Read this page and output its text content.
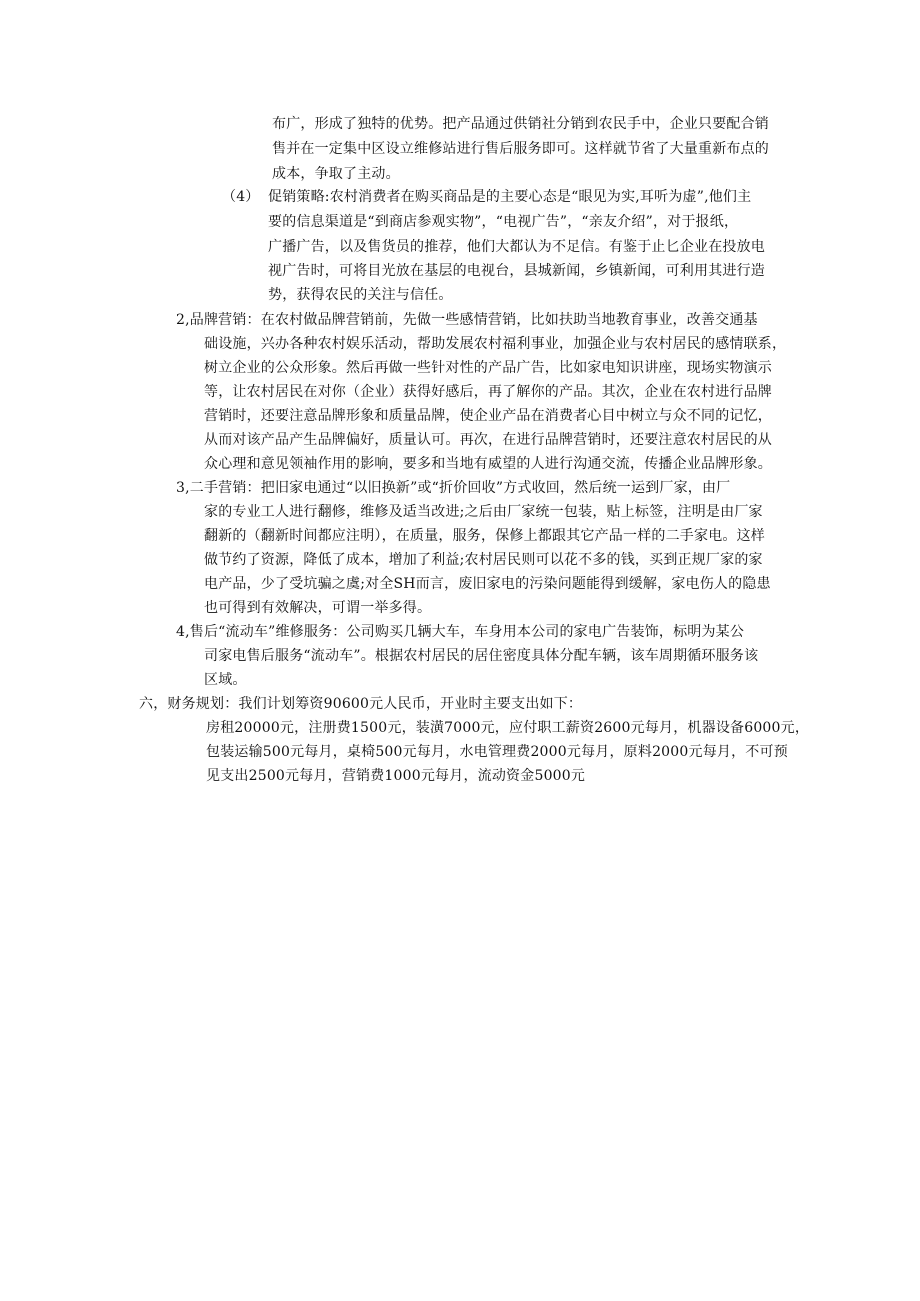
布广，形成了独特的优势。把产品通过供销社分销到农民手中，企业只要配合销
售并在一定集中区设立维修站进行售后服务即可。这样就节省了大量重新布点的
成本，争取了主动。
（4） 促销策略:农村消费者在购买商品是的主要心态是“眼见为实,耳听为虚”,他们主
要的信息渠道是“到商店参观实物”，“电视广告”，“亲友介绍”，对于报纸，
广播广告，以及售货员的推荐，他们大都认为不足信。有鉴于止匕企业在投放电
视广告时，可将目光放在基层的电视台，县城新闻，乡镇新闻，可利用其进行造
势，获得农民的关注与信任。
2,品牌营销：在农村做品牌营销前，先做一些感情营销，比如扶助当地教育事业，改善交通基
础设施，兴办各种农村娱乐活动，帮助发展农村福利事业，加强企业与农村居民的感情联系，
树立企业的公众形象。然后再做一些针对性的产品广告，比如家电知识讲座，现场实物演示
等，让农村居民在对你（企业）获得好感后，再了解你的产品。其次，企业在农村进行品牌
营销时，还要注意品牌形象和质量品牌，使企业产品在消费者心目中树立与众不同的记忆，
从而对该产品产生品牌偏好，质量认可。再次，在进行品牌营销时，还要注意农村居民的从
众心理和意见领袖作用的影响，要多和当地有威望的人进行沟通交流，传播企业品牌形象。
3,二手营销：把旧家电通过“以旧换新”或“折价回收”方式收回，然后统一运到厂家，由厂
家的专业工人进行翻修，维修及适当改进;之后由厂家统一包装，贴上标签，注明是由厂家
翻新的（翻新时间都应注明），在质量，服务，保修上都跟其它产品一样的二手家电。这样
做节约了资源，降低了成本，增加了利益;农村居民则可以花不多的钱，买到正规厂家的家
电产品，少了受坑骗之虞;对全SH而言，废旧家电的污染问题能得到缓解，家电伤人的隐患
也可得到有效解决，可谓一举多得。
4,售后“流动车”维修服务：公司购买几辆大车，车身用本公司的家电广告装饰，标明为某公
司家电售后服务“流动车”。根据农村居民的居住密度具体分配车辆，该车周期循环服务该
区域。
六，财务规划：我们计划筹资90600元人民币，开业时主要支出如下：
房租20000元，注册费1500元，装潢7000元，应付职工薪资2600元每月，机器设备6000元，
包装运输500元每月，桌椅500元每月，水电管理费2000元每月，原料2000元每月，不可预
见支出2500元每月，营销费1000元每月，流动资金5000元
